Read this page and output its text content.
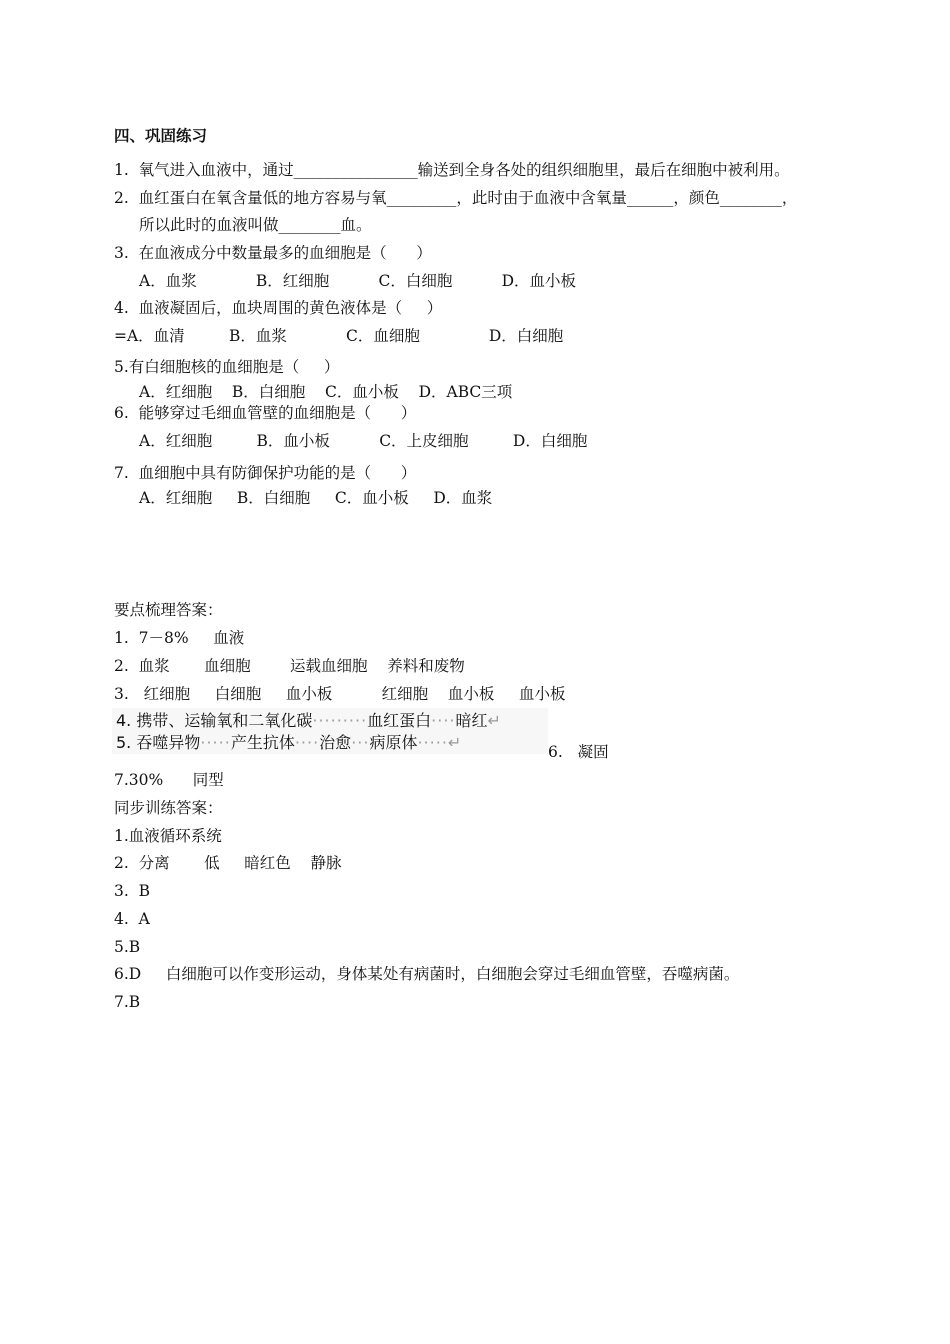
四、巩固练习
1.  氧气进入血液中，通过________________输送到全身各处的组织细胞里，最后在细胞中被利用。
2.  血红蛋白在氧含量低的地方容易与氧_________，此时由于血液中含氧量______，颜色________，
所以此时的血液叫做________血。
3.  在血液成分中数量最多的血细胞是（      ）
A．血浆            B．红细胞          C．白细胞          D．血小板
4.  血液凝固后，血块周围的黄色液体是（     ）
=A．血清         B．血浆            C．血细胞              D．白细胞
5.有白细胞核的血细胞是（     ）
A．红细胞    B．白细胞    C．血小板    D．ABC三项
6.  能够穿过毛细血管壁的血细胞是（      ）
A．红细胞         B．血小板          C．上皮细胞         D．白细胞
7.  血细胞中具有防御保护功能的是（      ）
A．红细胞     B．白细胞     C．血小板     D．血浆
要点梳理答案：
1.  7－8%     血液
2.  血浆       血细胞        运载血细胞    养料和废物
3.   红细胞     白细胞     血小板          红细胞    血小板     血小板
4. 携带、运输氧和二氧化碳·········血红蛋白····暗红↵
5. 吞噬异物·····产生抗体····治愈···病原体·····↵	6.   凝固
7.30%      同型
同步训练答案：
1.血液循环系统
2.  分离       低     暗红色    静脉
3.  B
4.  A
5.B
6.D     白细胞可以作变形运动，身体某处有病菌时，白细胞会穿过毛细血管壁，吞噬病菌。
7.B
